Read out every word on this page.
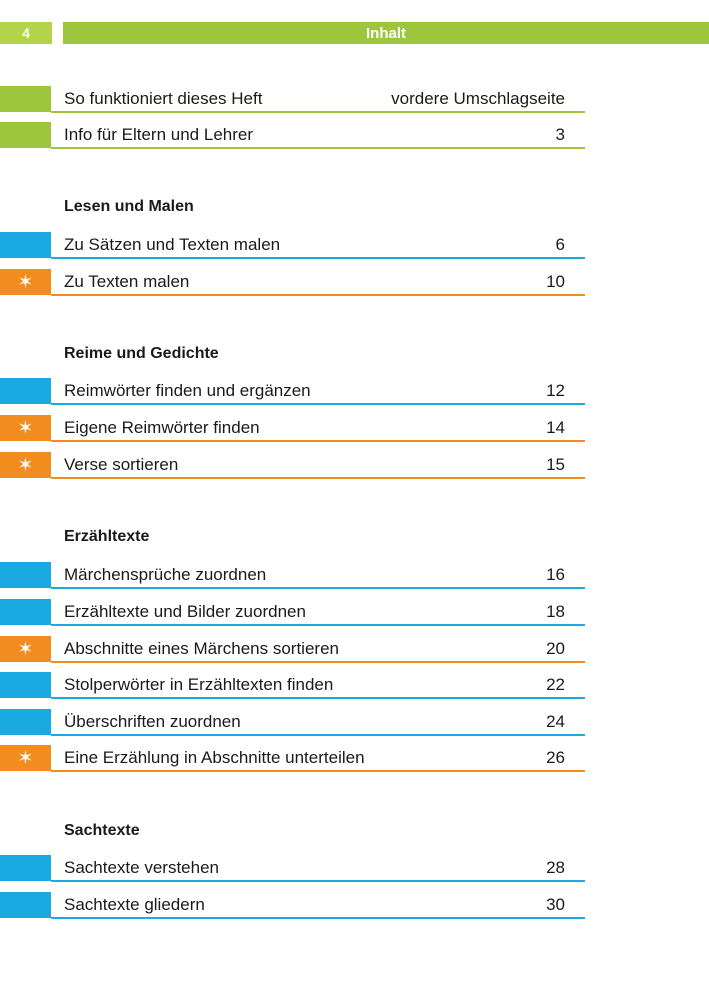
4	Inhalt
So funktioniert dieses Heft	vordere Umschlagseite
Info für Eltern und Lehrer	3
Lesen und Malen
Zu Sätzen und Texten malen	6
✶	Zu Texten malen	10
Reime und Gedichte
Reimwörter finden und ergänzen	12
✶	Eigene Reimwörter finden	14
✶	Verse sortieren	15
Erzähltexte
Märchensprüche zuordnen	16
Erzähltexte und Bilder zuordnen	18
✶	Abschnitte eines Märchens sortieren	20
Stolperwörter in Erzähltexten finden	22
Überschriften zuordnen	24
✶	Eine Erzählung in Abschnitte unterteilen	26
Sachtexte
Sachtexte verstehen	28
Sachtexte gliedern	30
